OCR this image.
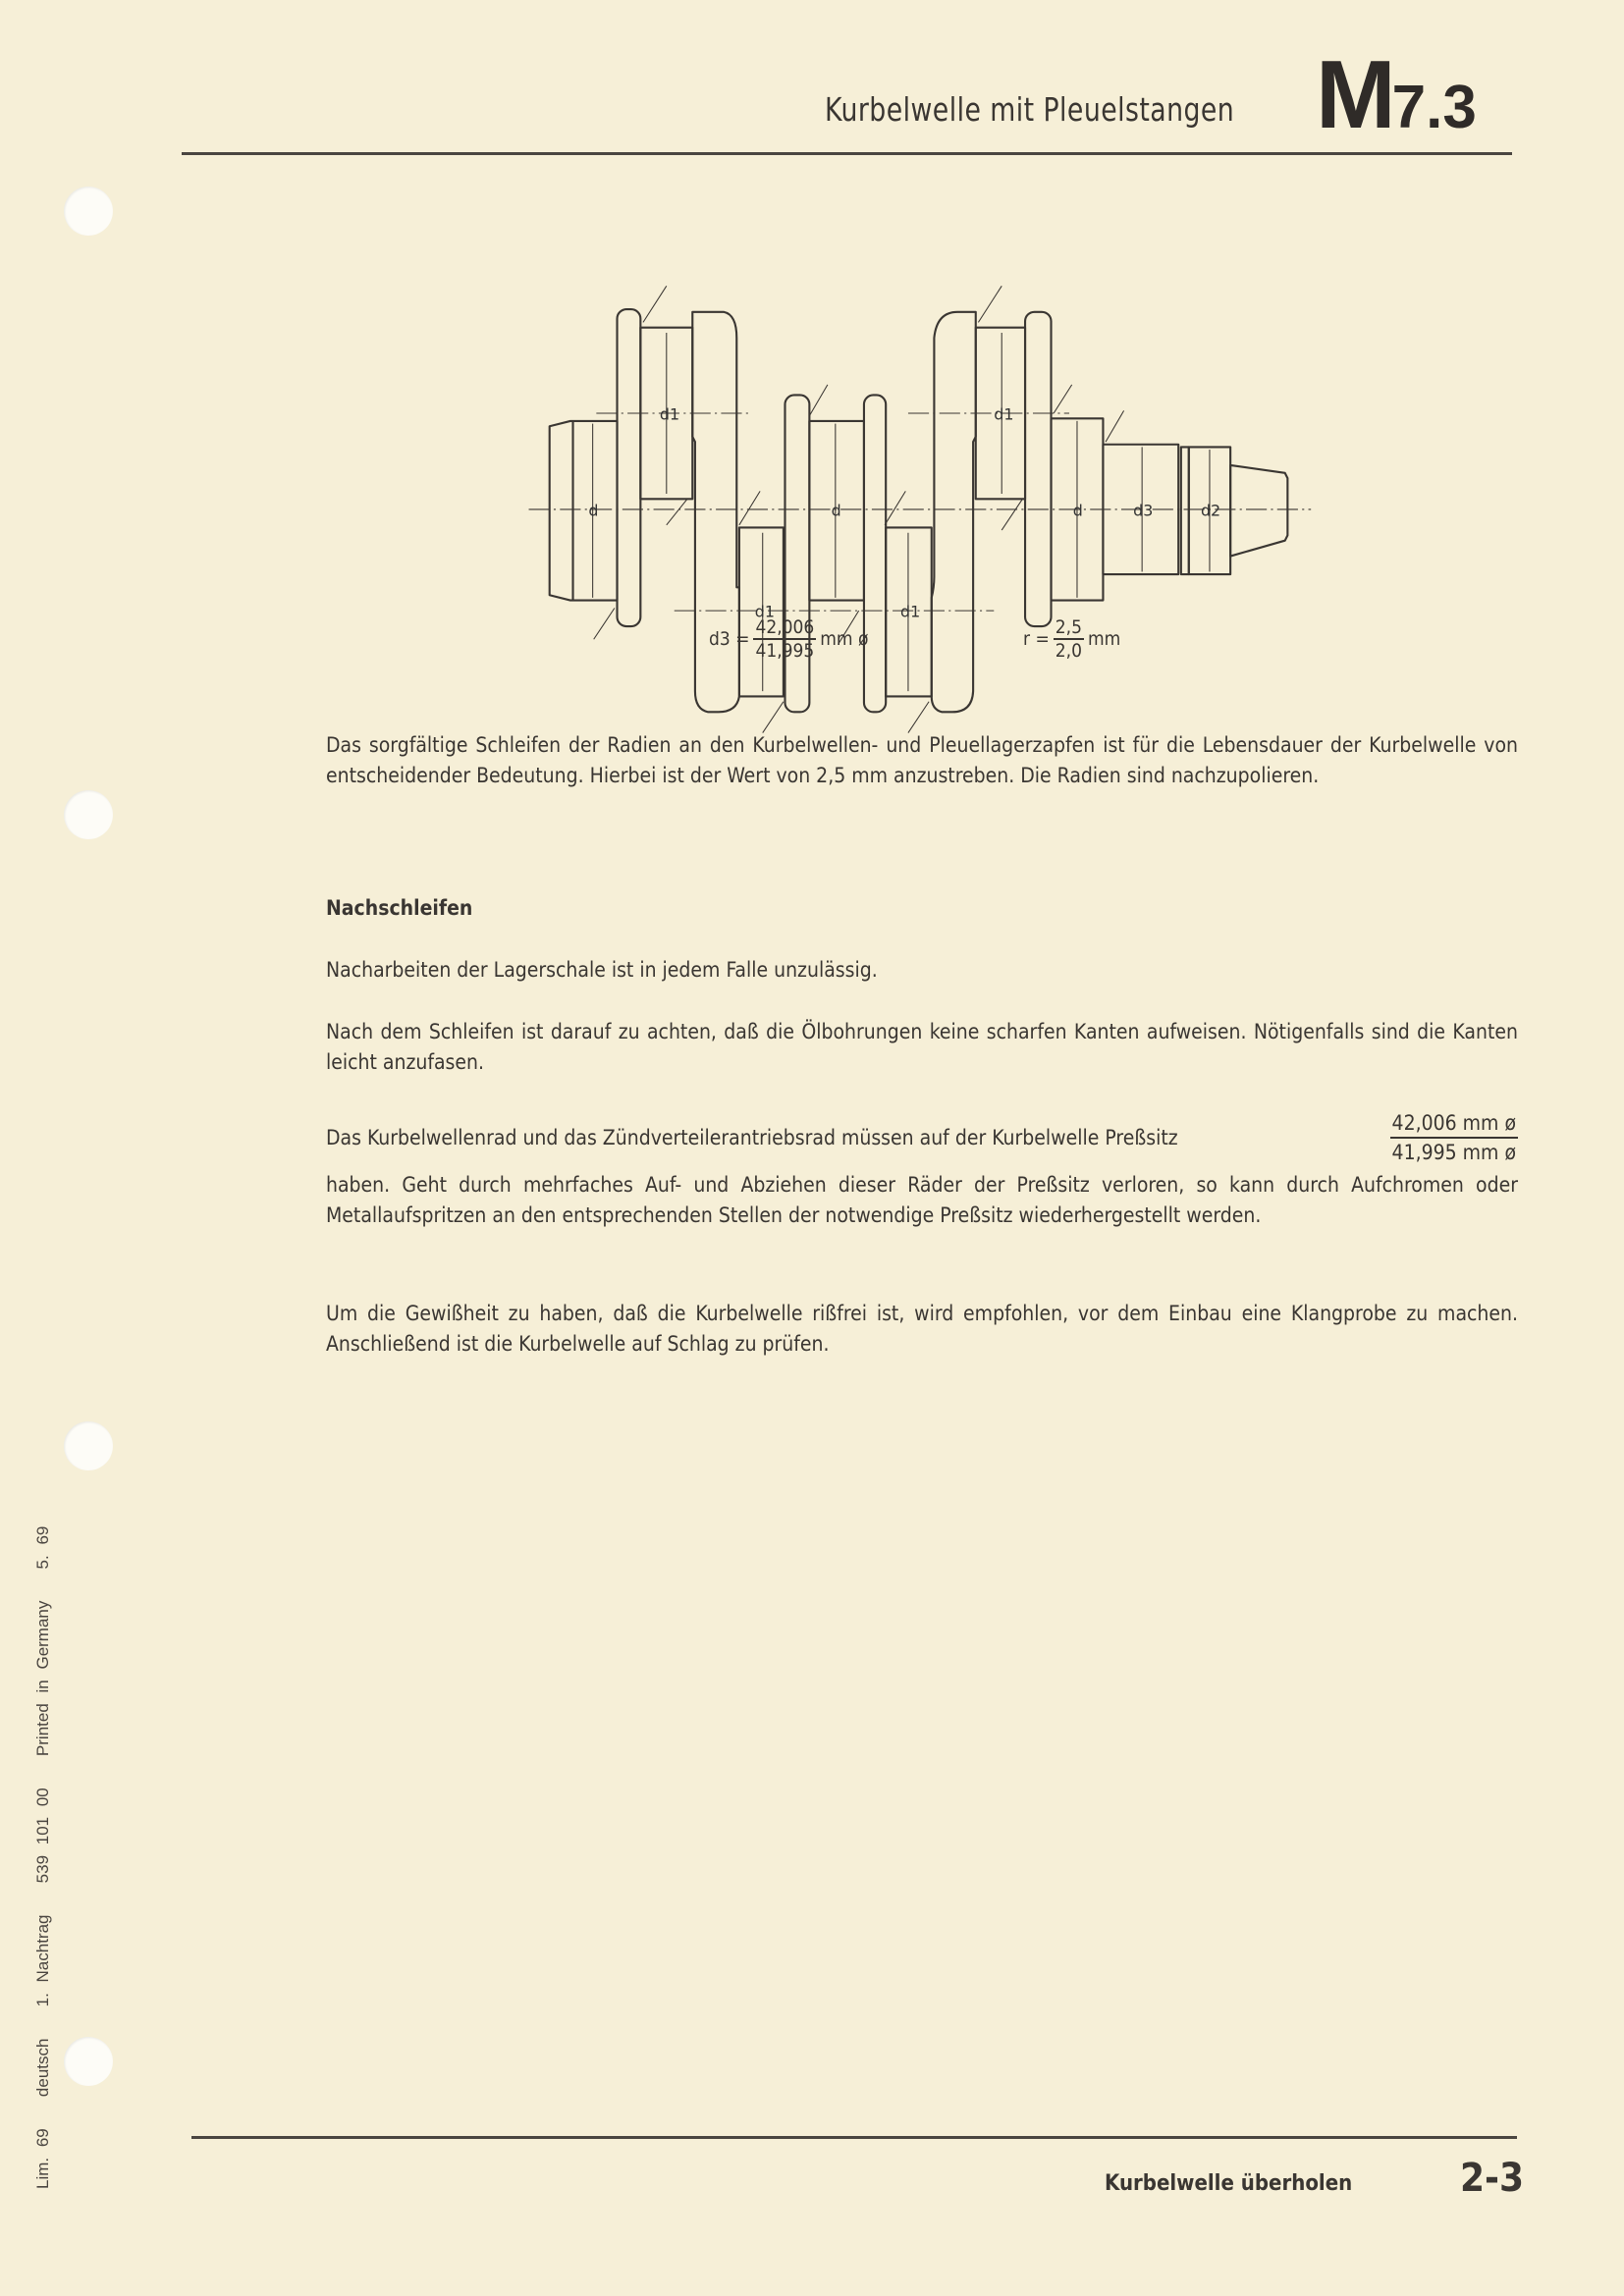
Kurbelwelle mit Pleuelstangen M7.3
d	d	d
d1	d1
d1	d1
d3 d2
$d3 = \frac{42,006}{41,995}$ mm ø	$r = \frac{2,5}{2,0}$ mm

Das sorgfältige Schleifen der Radien an den Kurbelwellen- und Pleuellagerzapfen ist für die Lebensdauer der Kurbelwelle von entscheidender Bedeutung. Hierbei ist der Wert von 2,5 mm anzustreben. Die Radien sind nachzupolieren.

Nachschleifen

Nacharbeiten der Lagerschale ist in jedem Falle unzulässig.

Nach dem Schleifen ist darauf zu achten, daß die Ölbohrungen keine scharfen Kanten aufweisen. Nötigenfalls sind die Kanten leicht anzufasen.

Das Kurbelwellenrad und das Zündverteilerantriebsrad müssen auf der Kurbelwelle Preßsitz	$\frac{\text{42,006 mm ø}}{\text{41,995 mm ø}}$

haben. Geht durch mehrfaches Auf- und Abziehen dieser Räder der Preßsitz verloren, so kann durch Aufchromen oder Metallaufspritzen an den entsprechenden Stellen der notwendige Preßsitz wiederhergestellt werden.

Um die Gewißheit zu haben, daß die Kurbelwelle rißfrei ist, wird empfohlen, vor dem Einbau eine Klangprobe zu machen. Anschließend ist die Kurbelwelle auf Schlag zu prüfen.

Lim. 69   deutsch   1. Nachtrag   539 101 00   Printed in Germany   5. 69	Kurbelwelle überholen	2-3
